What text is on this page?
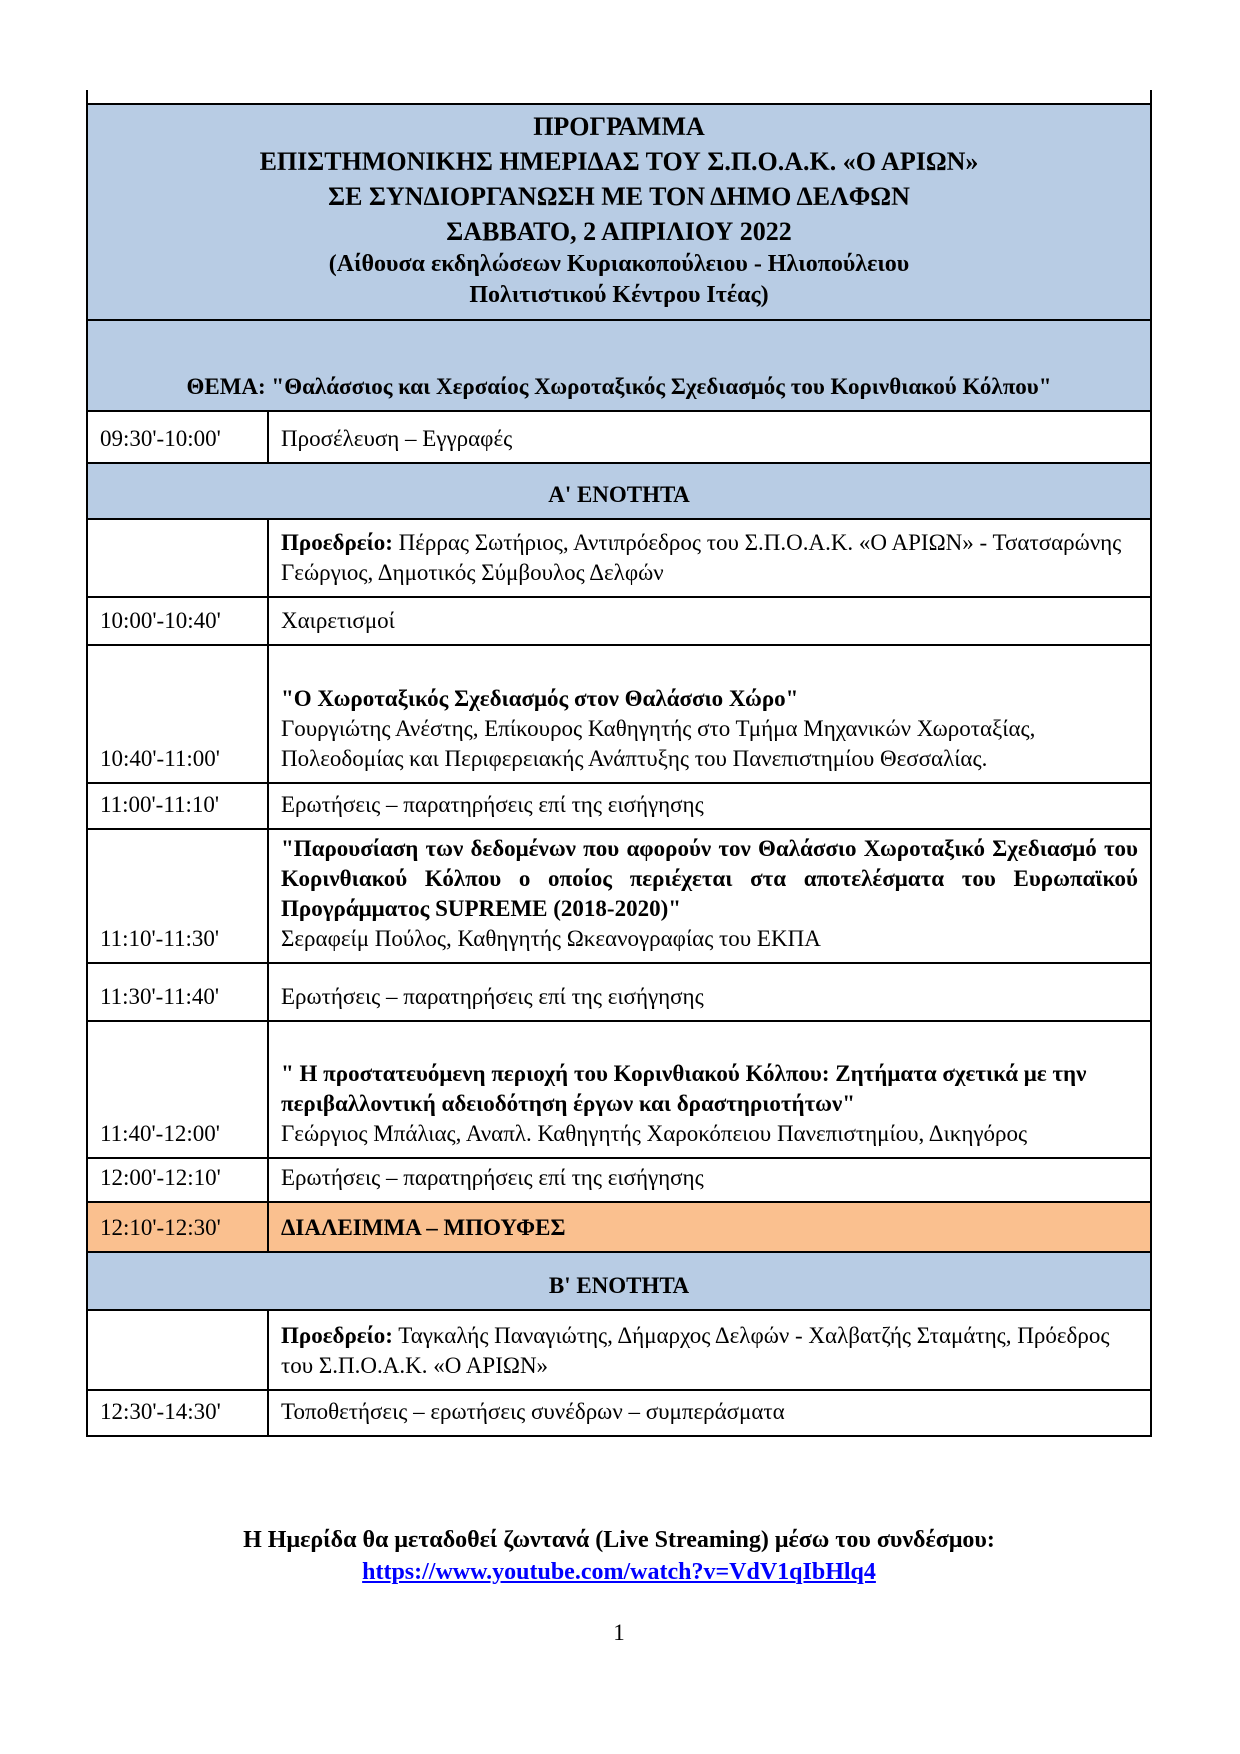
ΠΡΟΓΡΑΜΜΑ
ΕΠΙΣΤΗΜΟΝΙΚΗΣ ΗΜΕΡΙΔΑΣ ΤΟΥ Σ.Π.Ο.Α.Κ. «Ο ΑΡΙΩΝ»
ΣΕ ΣΥΝΔΙΟΡΓΑΝΩΣΗ ΜΕ ΤΟΝ ΔΗΜΟ ΔΕΛΦΩΝ
ΣΑΒΒΑΤΟ, 2 ΑΠΡΙΛΙΟΥ 2022
(Αίθουσα εκδηλώσεων Κυριακοπούλειου - Ηλιοπούλειου
Πολιτιστικού Κέντρου Ιτέας)

ΘΕΜΑ: "Θαλάσσιος και Χερσαίος Χωροταξικός Σχεδιασμός του Κορινθιακού Κόλπου"	
09:30'-10:00'	Προσέλευση – Εγγραφές
Α' ΕΝΟΤΗΤΑ	
	Προεδρείο: Πέρρας Σωτήριος, Αντιπρόεδρος του Σ.Π.Ο.Α.Κ. «Ο ΑΡΙΩΝ» - Τσατσαρώνης Γεώργιος, Δημοτικός Σύμβουλος Δελφών
10:00'-10:40'	Χαιρετισμοί
10:40'-11:00'	"Ο Χωροταξικός Σχεδιασμός στον Θαλάσσιο Χώρο"
Γουργιώτης Ανέστης, Επίκουρος Καθηγητής στο Τμήμα Μηχανικών Χωροταξίας, Πολεοδομίας και Περιφερειακής Ανάπτυξης του Πανεπιστημίου Θεσσαλίας.

11:00'-11:10'	Ερωτήσεις – παρατηρήσεις επί της εισήγησης
11:10'-11:30'	"Παρουσίαση των δεδομένων που αφορούν τον Θαλάσσιο Χωροταξικό Σχεδιασμό του Κορινθιακού Κόλπου ο οποίος περιέχεται στα αποτελέσματα του Ευρωπαϊκού Προγράμματος SUPREME (2018-2020)"
Σεραφείμ Πούλος, Καθηγητής Ωκεανογραφίας του ΕΚΠΑ

11:30'-11:40'	Ερωτήσεις – παρατηρήσεις επί της εισήγησης
11:40'-12:00'	" Η προστατευόμενη περιοχή του Κορινθιακού Κόλπου: Ζητήματα σχετικά με την περιβαλλοντική αδειοδότηση έργων και δραστηριοτήτων"
Γεώργιος Μπάλιας, Αναπλ. Καθηγητής Χαροκόπειου Πανεπιστημίου, Δικηγόρος

12:00'-12:10'	Ερωτήσεις – παρατηρήσεις επί της εισήγησης
12:10'-12:30'	ΔΙΑΛΕΙΜΜΑ – ΜΠΟΥΦΕΣ
Β' ΕΝΟΤΗΤΑ	
	Προεδρείο: Ταγκαλής Παναγιώτης, Δήμαρχος Δελφών - Χαλβατζής Σταμάτης, Πρόεδρος του Σ.Π.Ο.Α.Κ. «Ο ΑΡΙΩΝ»
12:30'-14:30'	Τοποθετήσεις – ερωτήσεις συνέδρων – συμπεράσματα
Η Ημερίδα θα μεταδοθεί ζωντανά (Live Streaming) μέσω του συνδέσμου:
https://www.youtube.com/watch?v=VdV1qIbHlq4
1
